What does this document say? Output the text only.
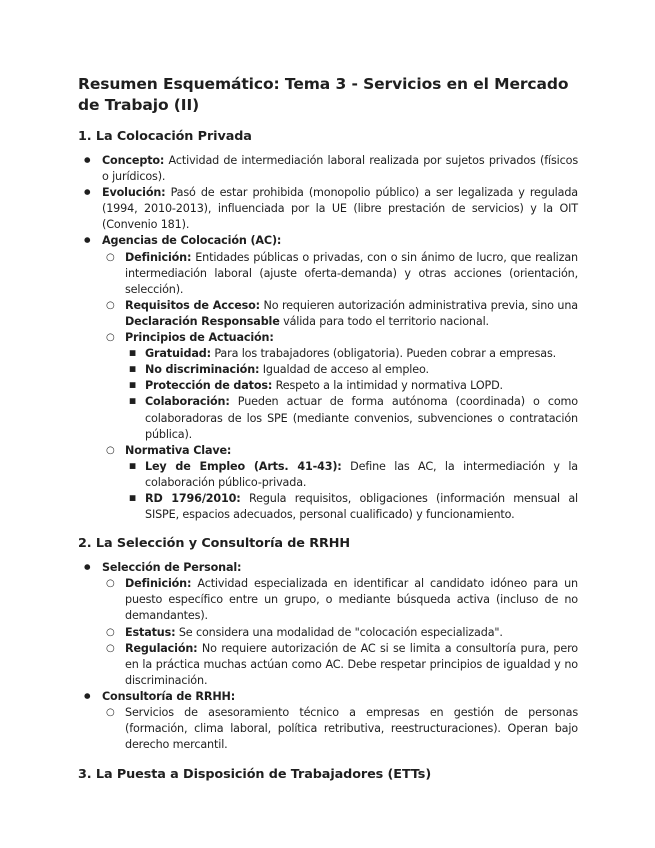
Resumen Esquemático: Tema 3 - Servicios en el Mercado de Trabajo (II)
1. La Colocación Privada
●
Concepto: Actividad de intermediación laboral realizada por sujetos privados (físicos o jurídicos).
●
Evolución: Pasó de estar prohibida (monopolio público) a ser legalizada y regulada (1994, 2010-2013), influenciada por la UE (libre prestación de servicios) y la OIT (Convenio 181).
●
Agencias de Colocación (AC):
○
Definición: Entidades públicas o privadas, con o sin ánimo de lucro, que realizan intermediación laboral (ajuste oferta-demanda) y otras acciones (orientación, selección).
○
Requisitos de Acceso: No requieren autorización administrativa previa, sino una Declaración Responsable válida para todo el territorio nacional.
○
Principios de Actuación:
■
Gratuidad: Para los trabajadores (obligatoria). Pueden cobrar a empresas.
■
No discriminación: Igualdad de acceso al empleo.
■
Protección de datos: Respeto a la intimidad y normativa LOPD.
■
Colaboración: Pueden actuar de forma autónoma (coordinada) o como colaboradoras de los SPE (mediante convenios, subvenciones o contratación pública).
○
Normativa Clave:
■
Ley de Empleo (Arts. 41-43): Define las AC, la intermediación y la colaboración público-privada.
■
RD 1796/2010: Regula requisitos, obligaciones (información mensual al SISPE, espacios adecuados, personal cualificado) y funcionamiento.
2. La Selección y Consultoría de RRHH
●
Selección de Personal:
○
Definición: Actividad especializada en identificar al candidato idóneo para un puesto específico entre un grupo, o mediante búsqueda activa (incluso de no demandantes).
○
Estatus: Se considera una modalidad de "colocación especializada".
○
Regulación: No requiere autorización de AC si se limita a consultoría pura, pero en la práctica muchas actúan como AC. Debe respetar principios de igualdad y no discriminación.
●
Consultoría de RRHH:
○
Servicios de asesoramiento técnico a empresas en gestión de personas (formación, clima laboral, política retributiva, reestructuraciones). Operan bajo derecho mercantil.
3. La Puesta a Disposición de Trabajadores (ETTs)
